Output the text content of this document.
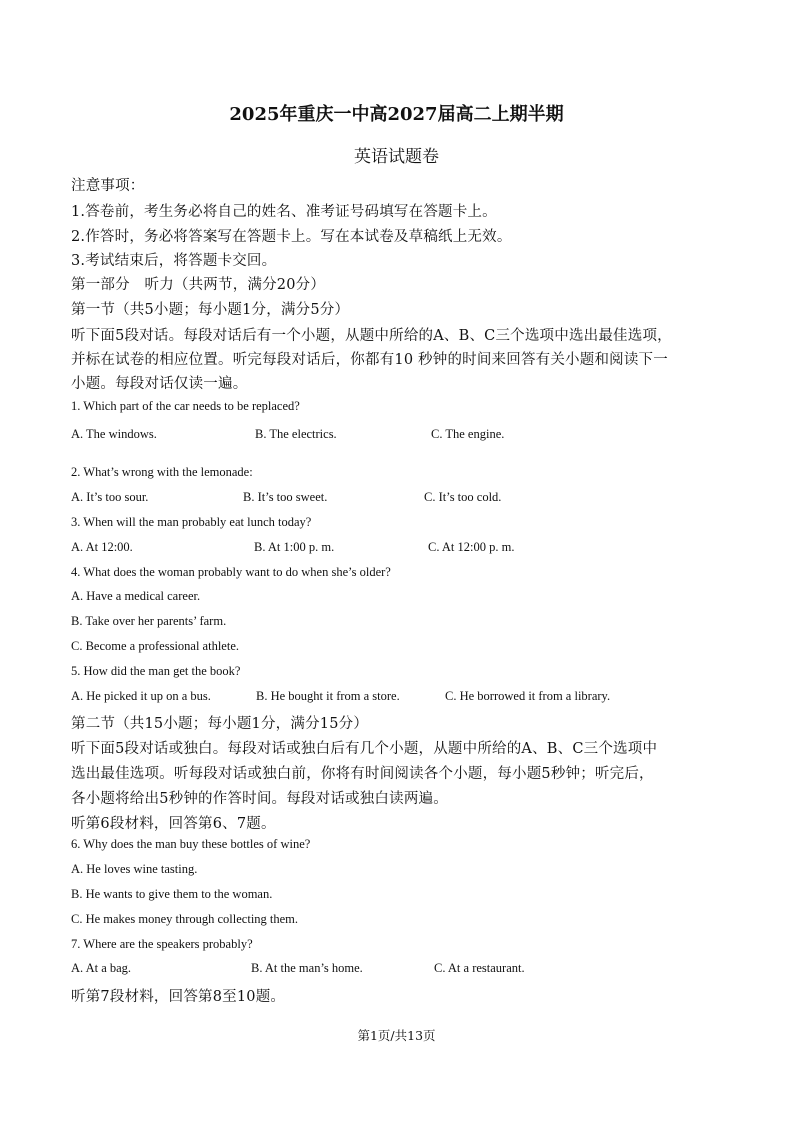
2025年重庆一中高2027届高二上期半期
英语试题卷
注意事项：
1.答卷前，考生务必将自己的姓名、准考证号码填写在答题卡上。
2.作答时，务必将答案写在答题卡上。写在本试卷及草稿纸上无效。
3.考试结束后，将答题卡交回。
第一部分　听力（共两节，满分20分）
第一节（共5小题；每小题1分，满分5分）
听下面5段对话。每段对话后有一个小题，从题中所给的A、B、C三个选项中选出最佳选项，
并标在试卷的相应位置。听完每段对话后，你都有10 秒钟的时间来回答有关小题和阅读下一
小题。每段对话仅读一遍。
1. Which part of the car needs to be replaced?
A. The windows.	B. The electrics.	C. The engine.
2. What’s wrong with the lemonade:
A. It’s too sour.	B. It’s too sweet.	C. It’s too cold.
3. When will the man probably eat lunch today?
A. At 12:00.	B. At 1:00 p. m.	C. At 12:00 p. m.
4. What does the woman probably want to do when she’s older?
A. Have a medical career.
B. Take over her parents’ farm.
C. Become a professional athlete.
5. How did the man get the book?
A. He picked it up on a bus.	B. He bought it from a store.	C. He borrowed it from a library.
第二节（共15小题；每小题1分，满分15分）
听下面5段对话或独白。每段对话或独白后有几个小题，从题中所给的A、B、C三个选项中
选出最佳选项。听每段对话或独白前，你将有时间阅读各个小题，每小题5秒钟；听完后，
各小题将给出5秒钟的作答时间。每段对话或独白读两遍。
听第6段材料，回答第6、7题。
6. Why does the man buy these bottles of wine?
A. He loves wine tasting.
B. He wants to give them to the woman.
C. He makes money through collecting them.
7. Where are the speakers probably?
A. At a bag.	B. At the man’s home.	C. At a restaurant.
听第7段材料，回答第8至10题。
第1页/共13页
